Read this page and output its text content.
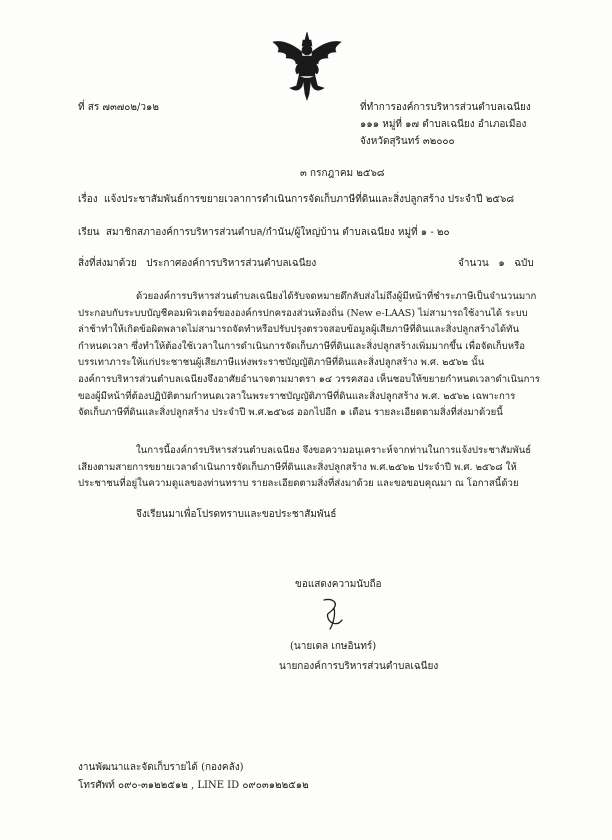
ที่ สร ๗๓๗๐๒/ว๑๒	ที่ทำการองค์การบริหารส่วนตำบลเฉนียง
๑๑๑ หมู่ที่ ๑๗ ตำบลเฉนียง อำเภอเมือง
จังหวัดสุรินทร์ ๓๒๐๐๐
๓ กรกฎาคม ๒๕๖๘
เรื่อง แจ้งประชาสัมพันธ์การขยายเวลาการดำเนินการจัดเก็บภาษีที่ดินและสิ่งปลูกสร้าง ประจำปี ๒๕๖๘
เรียน สมาชิกสภาองค์การบริหารส่วนตำบล/กำนัน/ผู้ใหญ่บ้าน ตำบลเฉนียง หมู่ที่ ๑ - ๒๐
สิ่งที่ส่งมาด้วย ประกาศองค์การบริหารส่วนตำบลเฉนียง	จำนวน ๑ ฉบับ
ด้วยองค์การบริหารส่วนตำบลเฉนียงได้รับจดหมายดึกลับส่งไม่ถึงผู้มีหน้าที่ชำระภาษีเป็นจำนวนมาก
ประกอบกับระบบบัญชีคอมพิวเตอร์ขององค์กรปกครองส่วนท้องถิ่น (New e-LAAS) ไม่สามารถใช้งานได้ ระบบ
ล่าช้าทำให้เกิดข้อผิดพลาดไม่สามารถจัดทำหรือปรับปรุงตรวจสอบข้อมูลผู้เสียภาษีที่ดินและสิ่งปลูกสร้างได้ทัน
กำหนดเวลา ซึ่งทำให้ต้องใช้เวลาในการดำเนินการจัดเก็บภาษีที่ดินและสิ่งปลูกสร้างเพิ่มมากขึ้น เพื่อจัดเก็บหรือ
บรรเทาภาระให้แก่ประชาชนผู้เสียภาษีแห่งพระราชบัญญัติภาษีที่ดินและสิ่งปลูกสร้าง พ.ศ. ๒๕๖๒ นั้น
องค์การบริหารส่วนตำบลเฉนียงจึงอาศัยอำนาจตามมาตรา ๑๔ วรรคสอง เห็นชอบให้ขยายกำหนดเวลาดำเนินการ
ของผู้มีหน้าที่ต้องปฏิบัติตามกำหนดเวลาในพระราชบัญญัติภาษีที่ดินและสิ่งปลูกสร้าง พ.ศ. ๒๕๖๒ เฉพาะการ
จัดเก็บภาษีที่ดินและสิ่งปลูกสร้าง ประจำปี พ.ศ.๒๕๖๘ ออกไปอีก ๑ เดือน รายละเอียดตามสิ่งที่ส่งมาด้วยนี้
ในการนี้องค์การบริหารส่วนตำบลเฉนียง จึงขอความอนุเคราะห์จากท่านในการแจ้งประชาสัมพันธ์
เสียงตามสายการขยายเวลาดำเนินการจัดเก็บภาษีที่ดินและสิ่งปลูกสร้าง พ.ศ.๒๕๖๒ ประจำปี พ.ศ. ๒๕๖๘ ให้
ประชาชนที่อยู่ในความดูแลของท่านทราบ รายละเอียดตามสิ่งที่ส่งมาด้วย และขอขอบคุณมา ณ โอกาสนี้ด้วย
จึงเรียนมาเพื่อโปรดทราบและขอประชาสัมพันธ์
ขอแสดงความนับถือ
(นายเดล เกษอินทร์)
นายกองค์การบริหารส่วนตำบลเฉนียง
งานพัฒนาและจัดเก็บรายได้ (กองคลัง)
โทรศัพท์ ๐๙๐-๓๑๒๒๕๑๒ , LINE ID ๐๙๐๓๑๒๒๕๑๒
